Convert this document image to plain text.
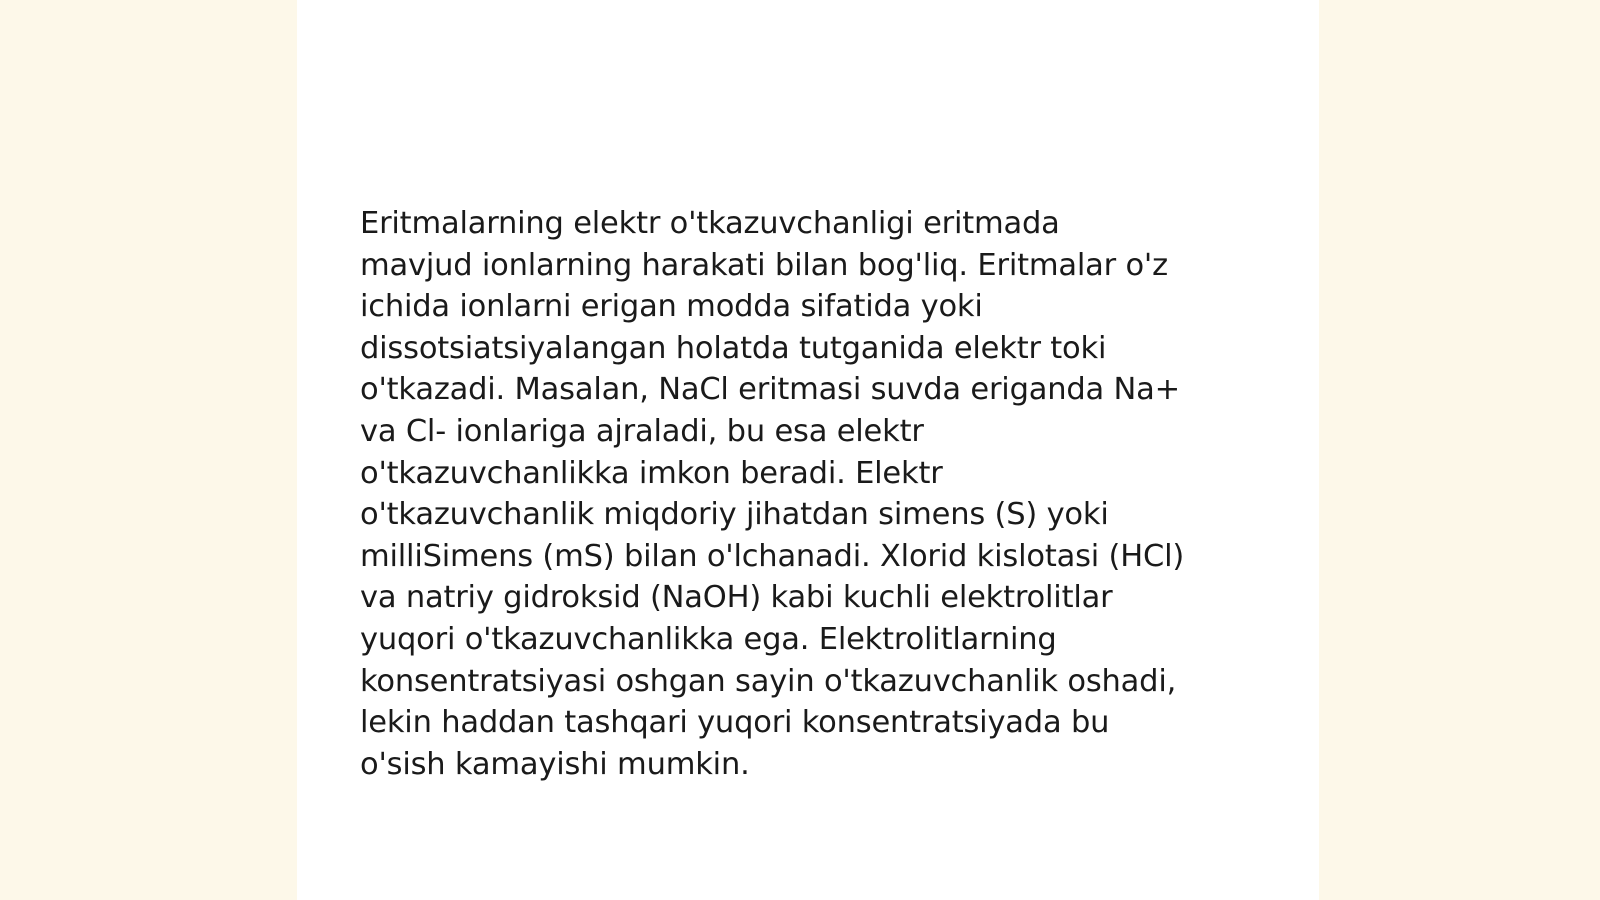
Eritmalarning elektr o'tkazuvchanligi eritmada
mavjud ionlarning harakati bilan bog'liq. Eritmalar o'z
ichida ionlarni erigan modda sifatida yoki
dissotsiatsiyalangan holatda tutganida elektr toki
o'tkazadi. Masalan, NaCl eritmasi suvda eriganda Na+
va Cl- ionlariga ajraladi, bu esa elektr
o'tkazuvchanlikka imkon beradi. Elektr
o'tkazuvchanlik miqdoriy jihatdan simens (S) yoki
milliSimens (mS) bilan o'lchanadi. Xlorid kislotasi (HCl)
va natriy gidroksid (NaOH) kabi kuchli elektrolitlar
yuqori o'tkazuvchanlikka ega. Elektrolitlarning
konsentratsiyasi oshgan sayin o'tkazuvchanlik oshadi,
lekin haddan tashqari yuqori konsentratsiyada bu
o'sish kamayishi mumkin.
